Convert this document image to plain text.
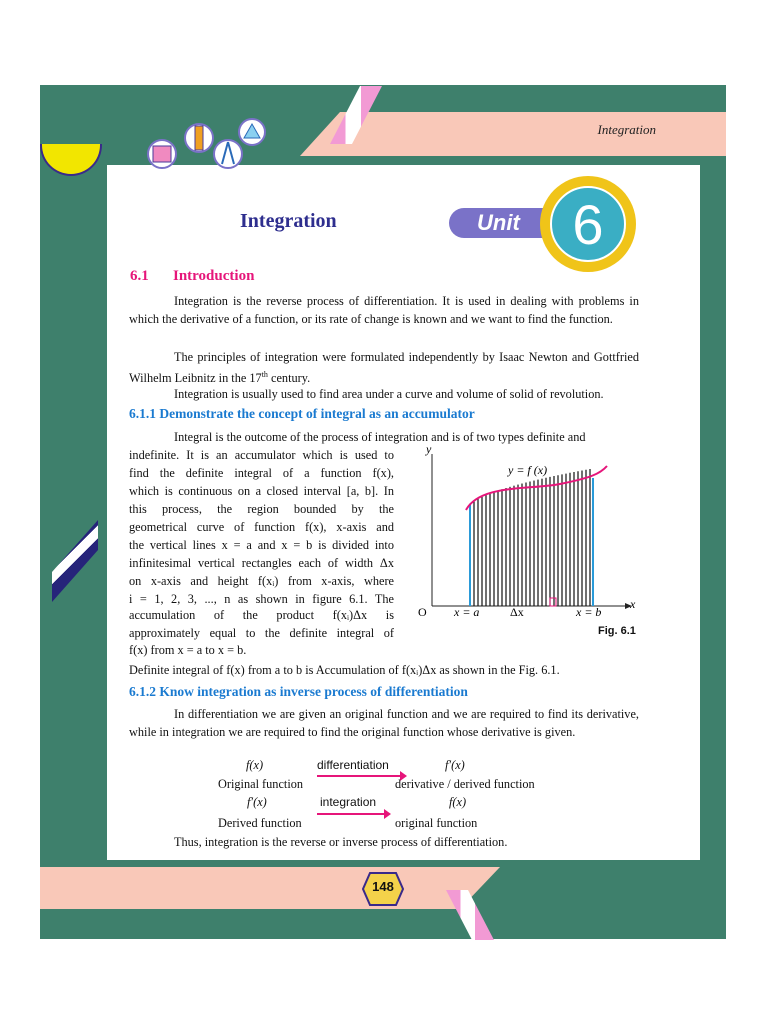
Integration
148
Integration	Unit 6
6.1 Introduction
Integration is the reverse process of differentiation. It is used in dealing with problems in which the derivative of a function, or its rate of change is known and we want to find the function.
The principles of integration were formulated independently by Isaac Newton and Gottfried Wilhelm Leibnitz in the 17th century.
Integration is usually used to find area under a curve and volume of solid of revolution.
6.1.1 Demonstrate the concept of integral as an accumulator
Integral is the outcome of the process of integration and is of two types definite and
indefinite. It is an accumulator which is used to
find the definite integral of a function f(x),
which is continuous on a closed interval [a, b]. In
this process, the region bounded by the
geometrical curve of function f(x), x-axis and
the vertical lines x = a and x = b is divided into
infinitesimal vertical rectangles each of width Δx
on x-axis and height f(xᵢ) from x-axis, where
i = 1, 2, 3, ..., n as shown in figure 6.1. The
accumulation of the product f(xᵢ)Δx is
approximately equal to the definite integral of
f(x) from x = a to x = b.
Definite integral of f(x) from a to b is Accumulation of f(xᵢ)Δx as shown in the Fig. 6.1.
y
x
y = f (x)
O x = a	Δx	x = b
Fig. 6.1
6.1.2 Know integration as inverse process of differentiation
In differentiation we are given an original function and we are required to find its derivative, while in integration we are required to find the original function whose derivative is given.
f(x)	differentiation	f′(x)
Original function	derivative / derived function
f′(x)	integration	f(x)
Derived function	original function
Thus, integration is the reverse or inverse process of differentiation.
